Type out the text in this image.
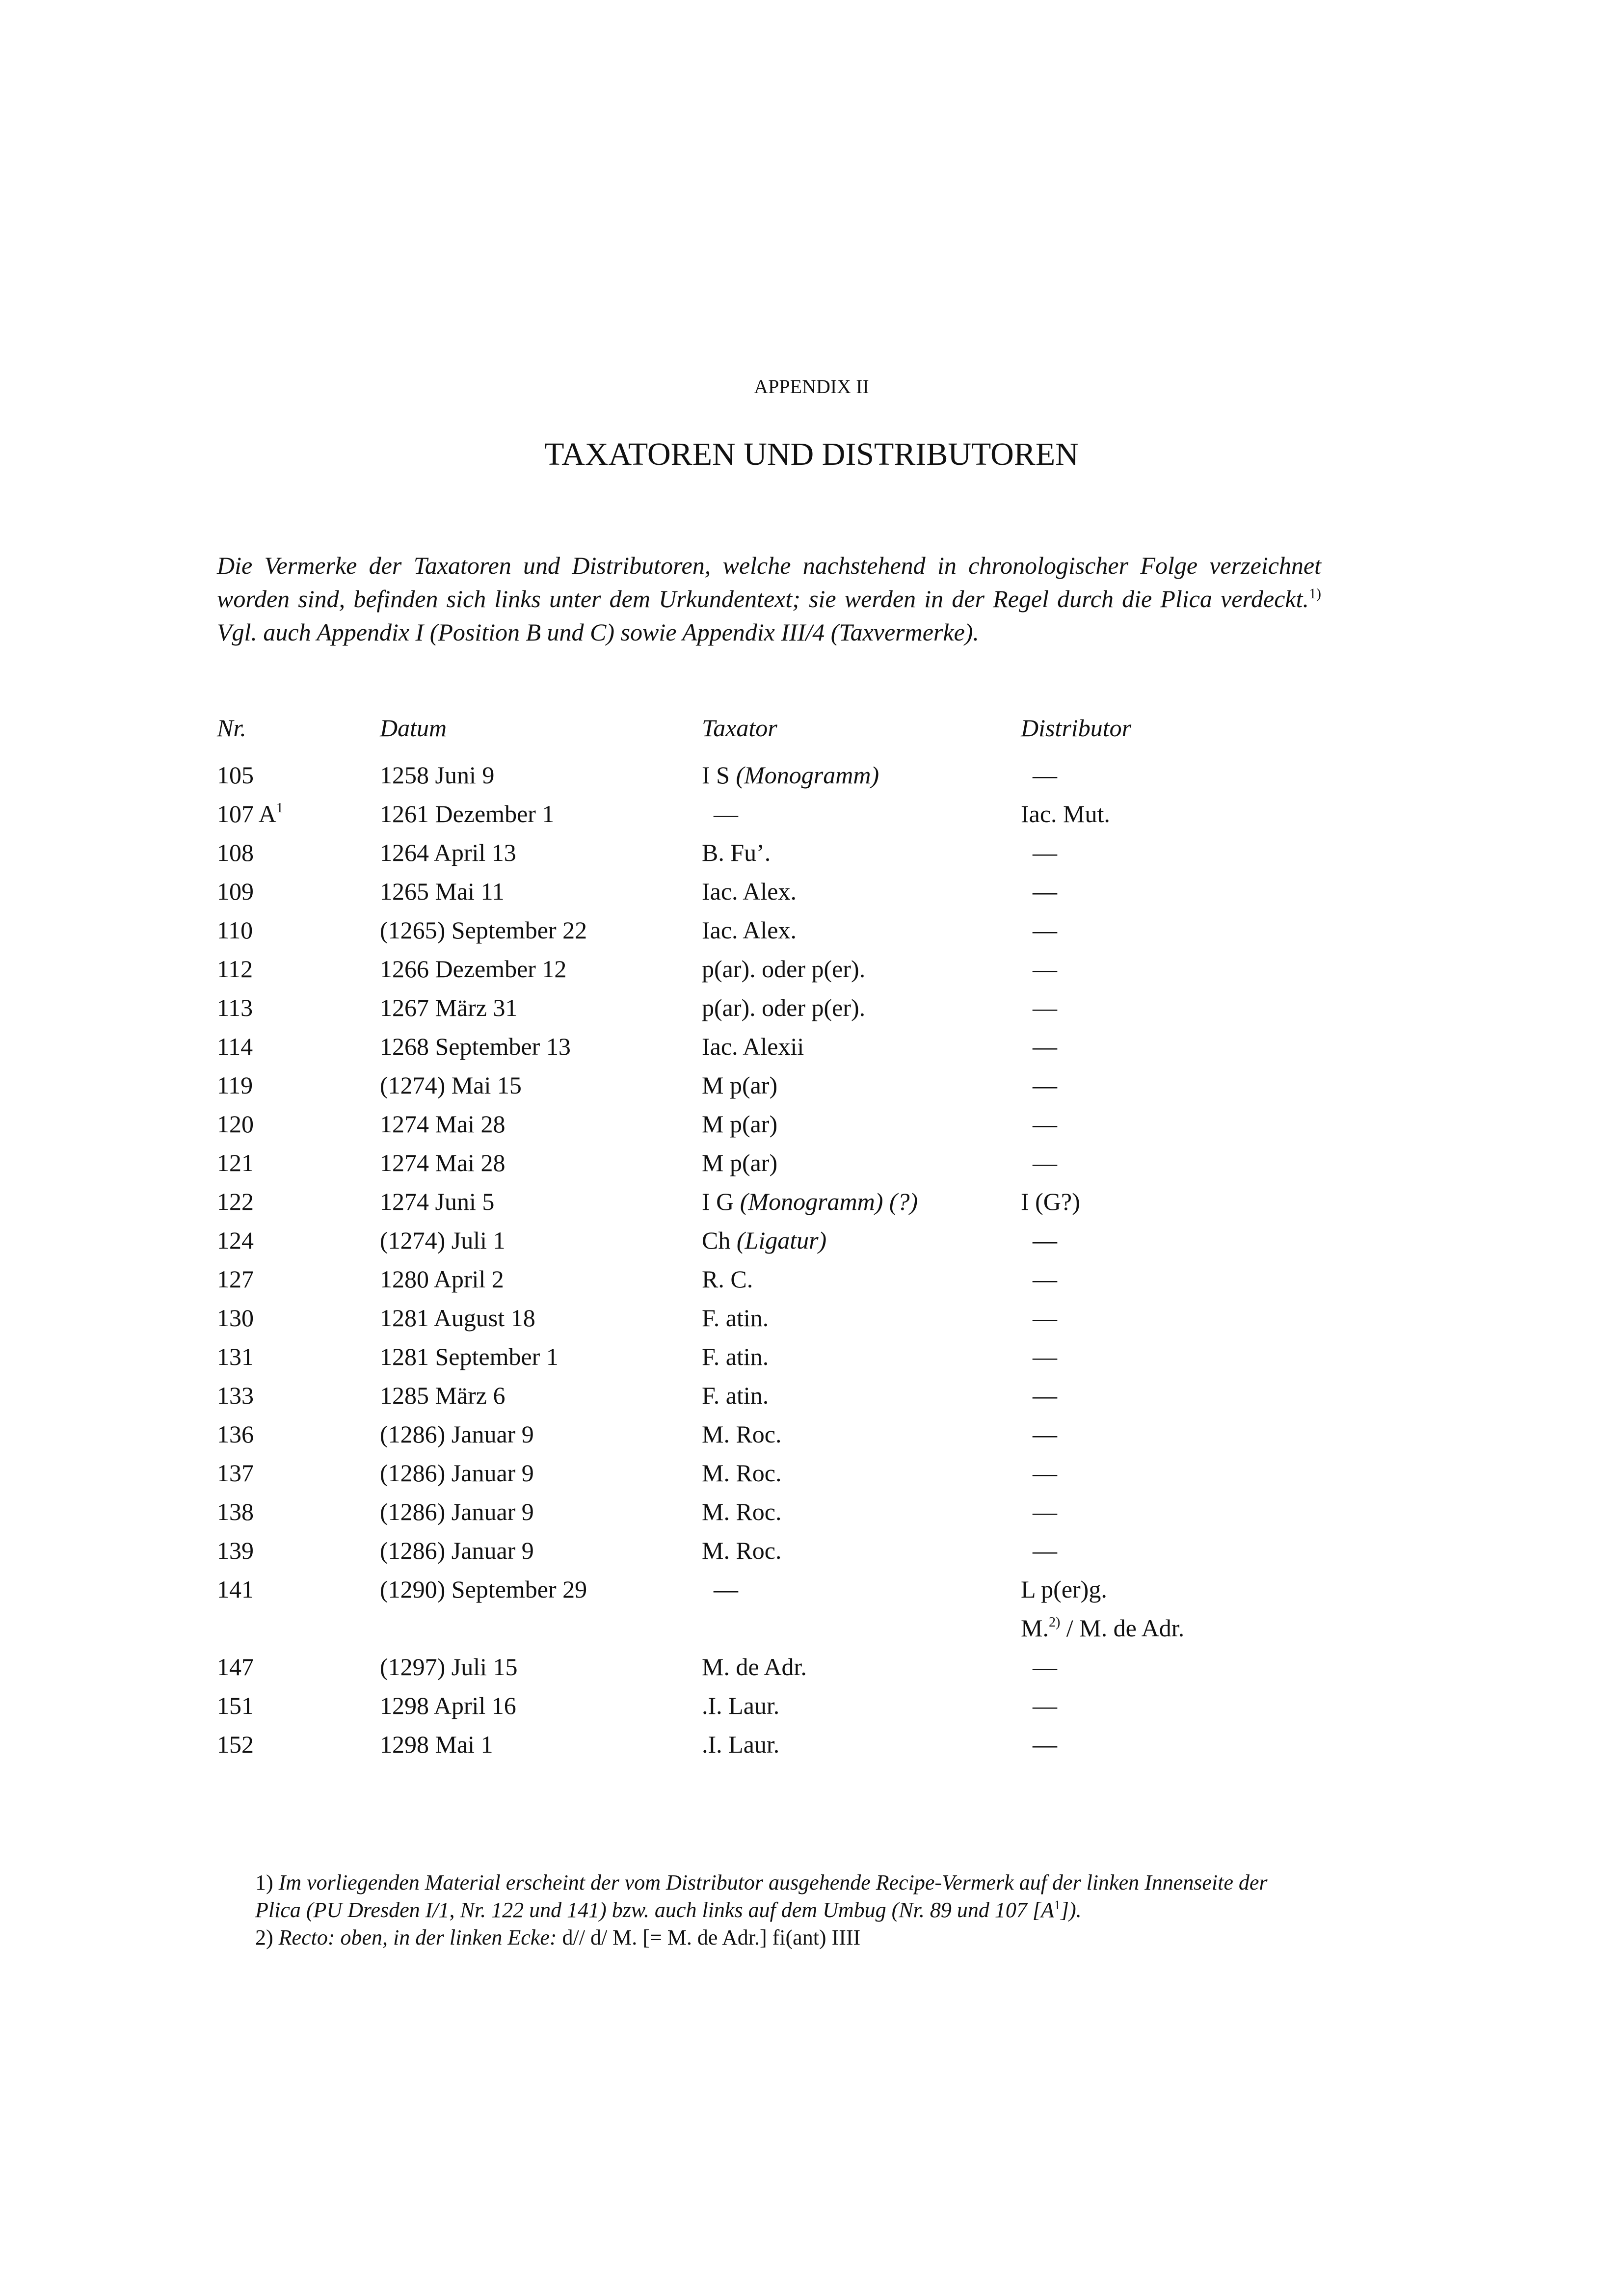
APPENDIX II
TAXATOREN UND DISTRIBUTOREN
Die Vermerke der Taxatoren und Distributoren, welche nachstehend in chronologischer Folge verzeichnet worden sind, befinden sich links unter dem Urkundentext; sie werden in der Regel durch die Plica verdeckt.$^{1)}$ Vgl. auch Appendix I (Position B und C) sowie Appendix III/4 (Taxvermerke).
Nr.	Datum	Taxator	Distributor
105	1258 Juni 9	I S (Monogramm)	—
107 $A^1$	1261 Dezember 1	—	Iac. Mut.
108	1264 April 13	B. Fu’.	—
109	1265 Mai 11	Iac. Alex.	—
110	(1265) September 22	Iac. Alex.	—
112	1266 Dezember 12	p(ar). oder p(er).	—
113	1267 März 31	p(ar). oder p(er).	—
114	1268 September 13	Iac. Alexii	—
119	(1274) Mai 15	M p(ar)	—
120	1274 Mai 28	M p(ar)	—
121	1274 Mai 28	M p(ar)	—
122	1274 Juni 5	I G (Monogramm) (?)	I (G?)
124	(1274) Juli 1	Ch (Ligatur)	—
127	1280 April 2	R. C.	—
130	1281 August 18	F. atin.	—
131	1281 September 1	F. atin.	—
133	1285 März 6	F. atin.	—
136	(1286) Januar 9	M. Roc.	—
137	(1286) Januar 9	M. Roc.	—
138	(1286) Januar 9	M. Roc.	—
139	(1286) Januar 9	M. Roc.	—
141	(1290) September 29	—	L p(er)g.
M.$^{2)}$ / M. de Adr.
147	(1297) Juli 15	M. de Adr.	—
151	1298 April 16	.I. Laur.	—
152	1298 Mai 1	.I. Laur.	—
1) Im vorliegenden Material erscheint der vom Distributor ausgehende Recipe-Vermerk auf der linken Innenseite der Plica (PU Dresden I/1, Nr. 122 und 141) bzw. auch links auf dem Umbug (Nr. 89 und 107 $[A^1]$).
2) Recto: oben, in der linken Ecke: d// d/ M. [= M. de Adr.] fi(ant) IIII
